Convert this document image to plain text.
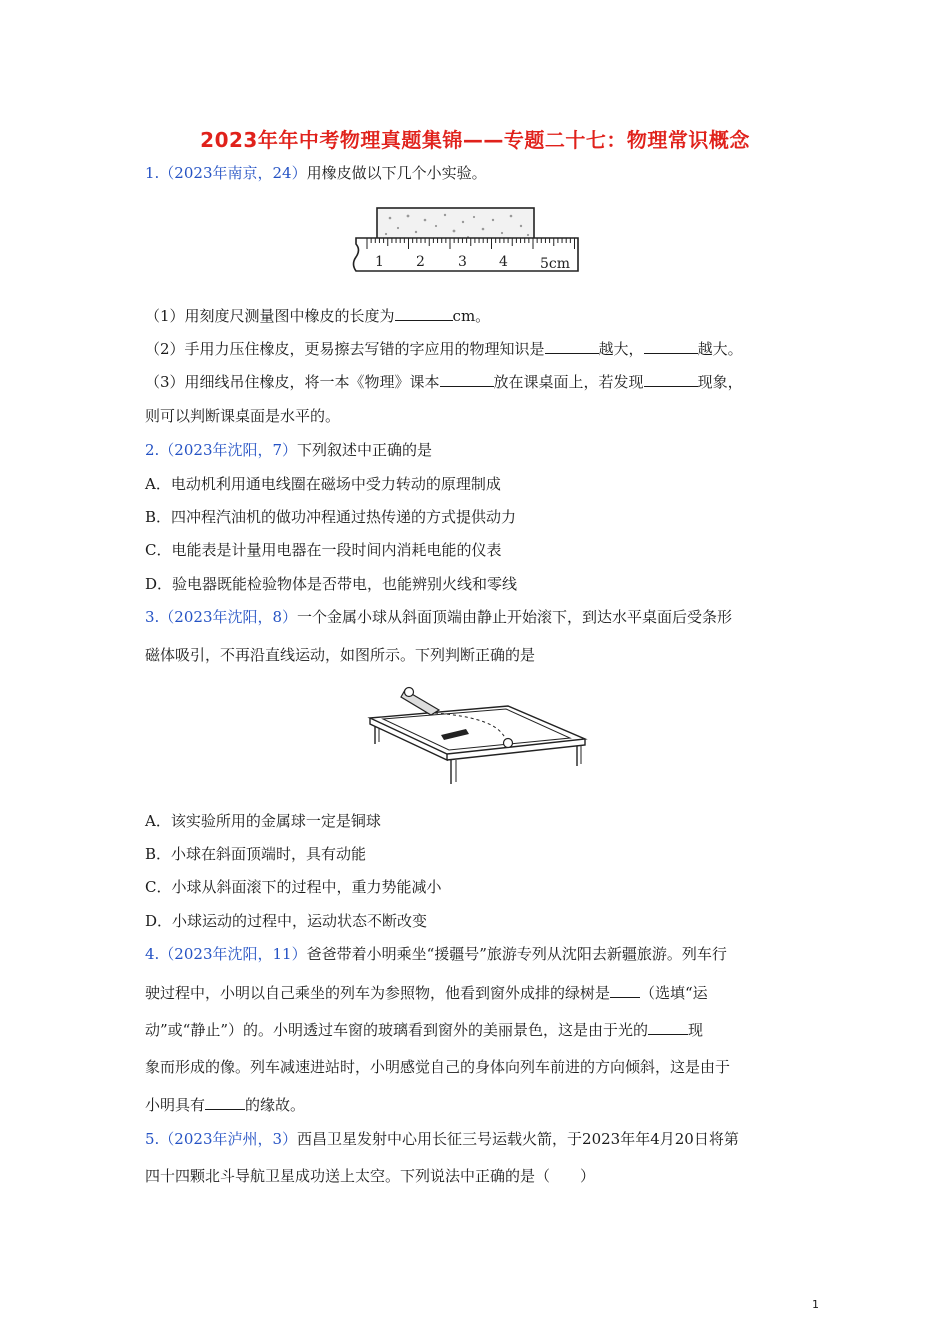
2023年年中考物理真题集锦——专题二十七：物理常识概念
1.（2023年南京，24）用橡皮做以下几个小实验。
1 2 3 4 5cm
（1）用刻度尺测量图中橡皮的长度为	cm。
（2）手用力压住橡皮，更易擦去写错的字应用的物理知识是	越大，	越大。
（3）用细线吊住橡皮，将一本《物理》课本	放在课桌面上，若发现	现象，
则可以判断课桌面是水平的。
2.（2023年沈阳，7）下列叙述中正确的是
A．电动机利用通电线圈在磁场中受力转动的原理制成
B．四冲程汽油机的做功冲程通过热传递的方式提供动力
C．电能表是计量用电器在一段时间内消耗电能的仪表
D．验电器既能检验物体是否带电，也能辨别火线和零线
3.（2023年沈阳，8）一个金属小球从斜面顶端由静止开始滚下，到达水平桌面后受条形
磁体吸引，不再沿直线运动，如图所示。下列判断正确的是
A．该实验所用的金属球一定是铜球
B．小球在斜面顶端时，具有动能
C．小球从斜面滚下的过程中，重力势能减小
D．小球运动的过程中，运动状态不断改变
4.（2023年沈阳，11）爸爸带着小明乘坐“援疆号”旅游专列从沈阳去新疆旅游。列车行
驶过程中，小明以自己乘坐的列车为参照物，他看到窗外成排的绿树是 （选填“运
动”或“静止”）的。小明透过车窗的玻璃看到窗外的美丽景色，这是由于光的	现
象而形成的像。列车减速进站时，小明感觉自己的身体向列车前进的方向倾斜，这是由于
小明具有	的缘故。
5.（2023年泸州，3）西昌卫星发射中心用长征三号运载火箭，于2023年年4月20日将第
四十四颗北斗导航卫星成功送上太空。下列说法中正确的是（　　）
1
